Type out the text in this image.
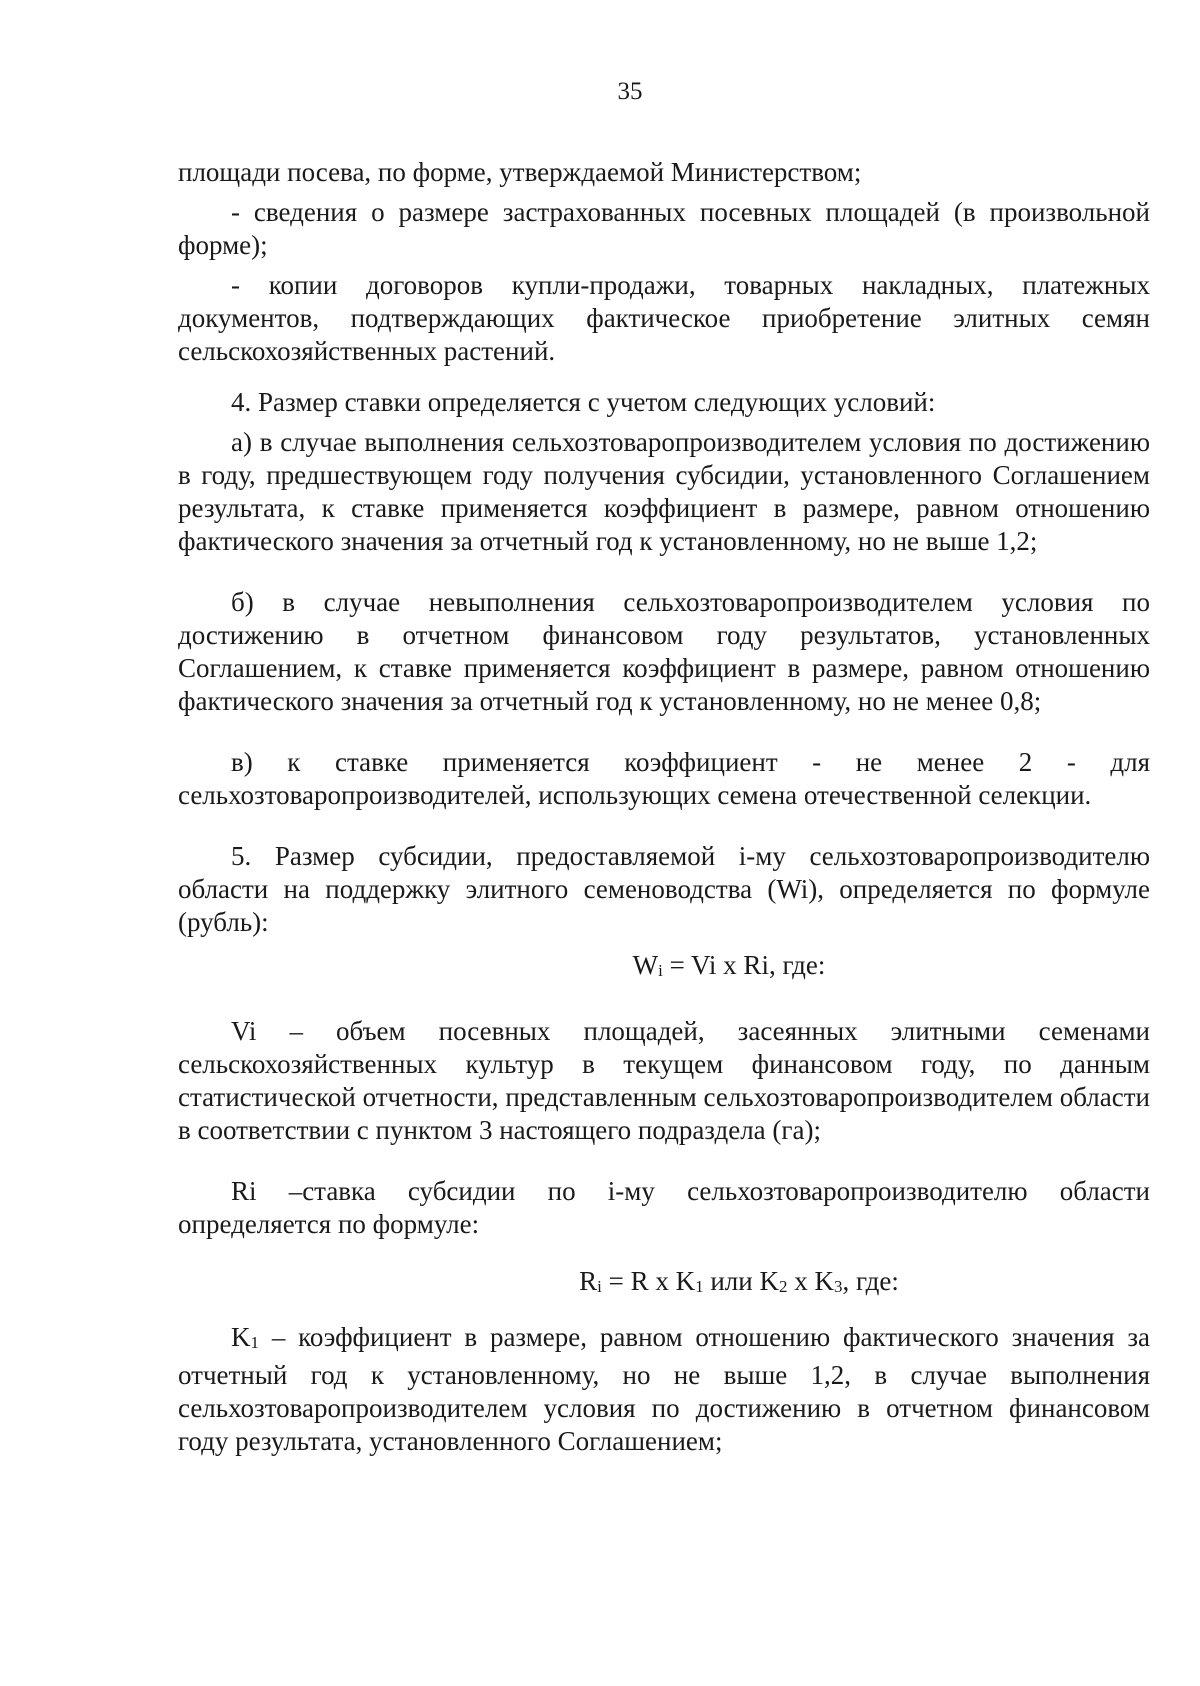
35

площади посева, по форме, утверждаемой Министерством;

- сведения о размере застрахованных посевных площадей (в произвольной форме);

- копии договоров купли-продажи, товарных накладных, платежных документов, подтверждающих фактическое приобретение элитных семян сельскохозяйственных растений.

4. Размер ставки определяется с учетом следующих условий:

а) в случае выполнения сельхозтоваропроизводителем условия по достижению в году, предшествующем году получения субсидии, установленного Соглашением результата, к ставке применяется коэффициент в размере, равном отношению фактического значения за отчетный год к установленному, но не выше 1,2;

б) в случае невыполнения сельхозтоваропроизводителем условия по достижению в отчетном финансовом году результатов, установленных Соглашением, к ставке применяется коэффициент в размере, равном отношению фактического значения за отчетный год к установленному, но не менее 0,8;

в) к ставке применяется коэффициент - не менее 2 - для сельхозтоваропроизводителей, использующих семена отечественной селекции.

5. Размер субсидии, предоставляемой i-му сельхозтоваропроизводителю области на поддержку элитного семеноводства (Wi), определяется по формуле (рубль):

$W_i = Vi$ x Ri, где:

Vi – объем посевных площадей, засеянных элитными семенами сельскохозяйственных культур в текущем финансовом году, по данным статистической отчетности, представленным сельхозтоваропроизводителем области в соответствии с пунктом 3 настоящего подраздела (га);

Ri –ставка субсидии по i-му сельхозтоваропроизводителю области определяется по формуле:

$R_i = R$ x $K_1$ или $K_2$ x $K_3$, где:

$K_1$ – коэффициент в размере, равном отношению фактического значения за отчетный год к установленному, но не выше 1,2, в случае выполнения сельхозтоваропроизводителем условия по достижению в отчетном финансовом году результата, установленного Соглашением;
